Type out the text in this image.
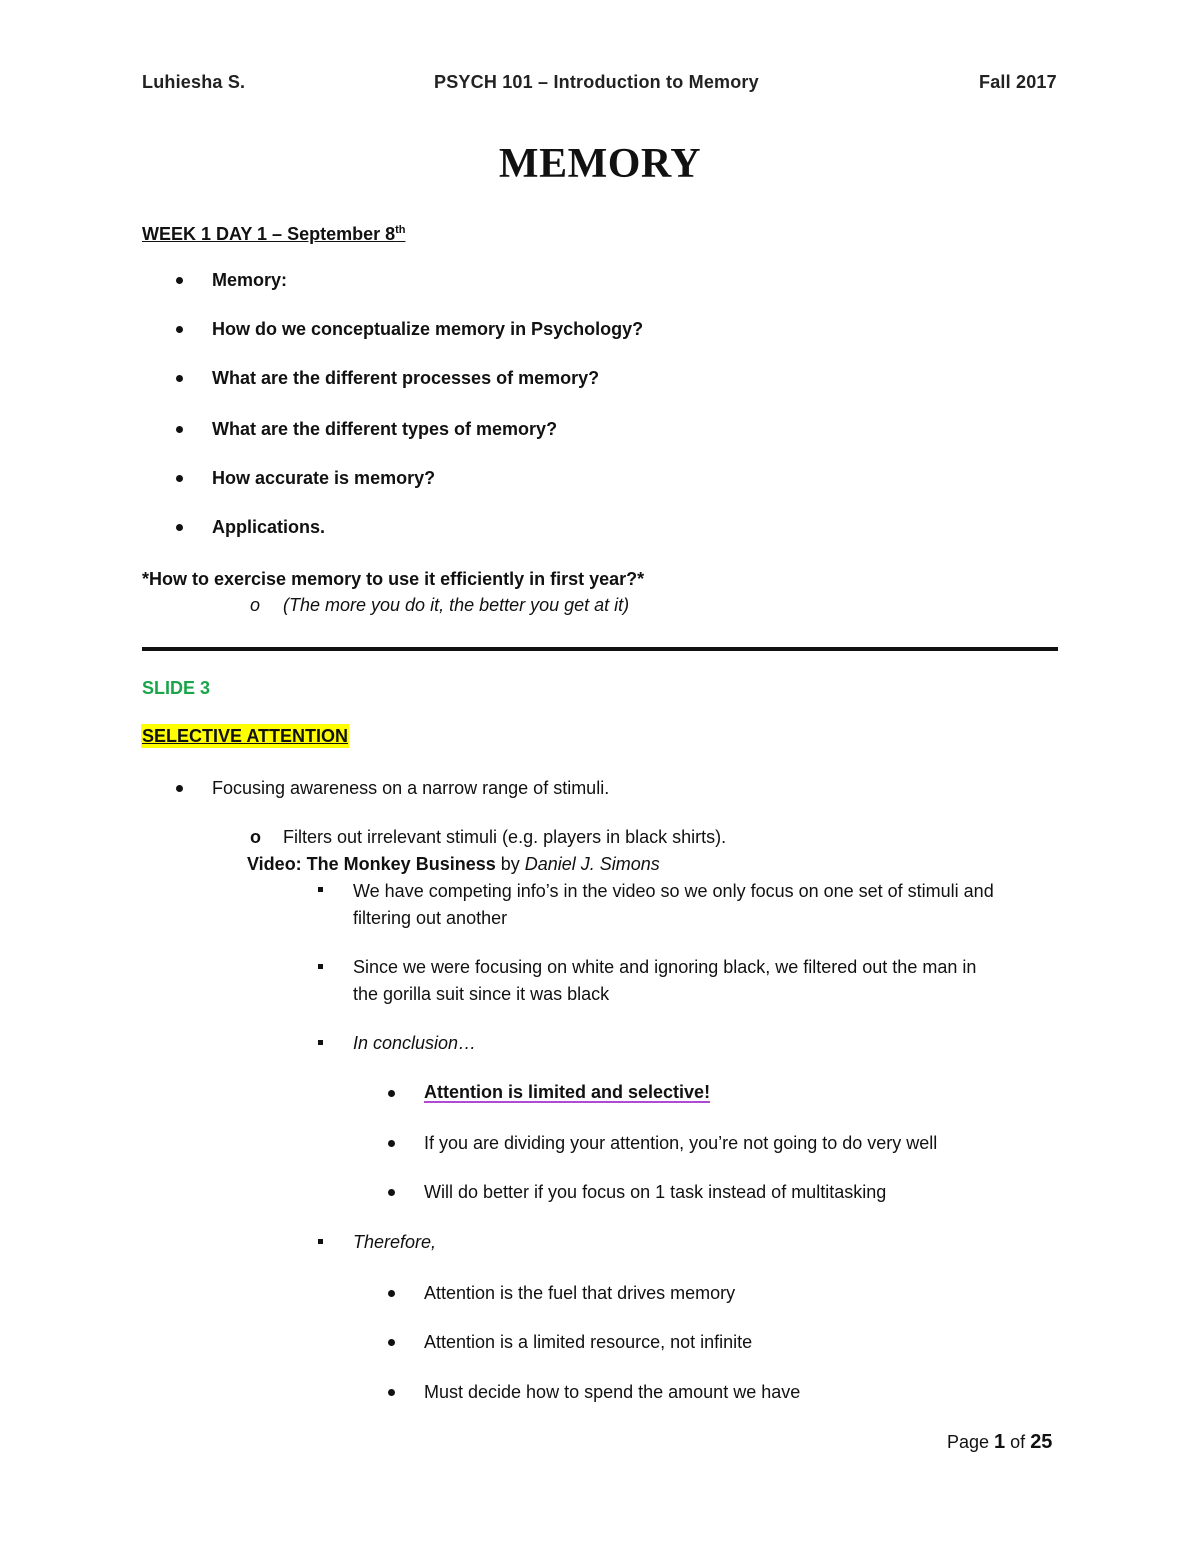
Luhiesha S.	PSYCH 101 – Introduction to Memory	Fall 2017
MEMORY
WEEK 1 DAY 1 – September 8th
Memory:
How do we conceptualize memory in Psychology?
What are the different processes of memory?
What are the different types of memory?
How accurate is memory?
Applications.
*How to exercise memory to use it efficiently in first year?*
o (The more you do it, the better you get at it)
SLIDE 3
SELECTIVE ATTENTION
Focusing awareness on a narrow range of stimuli.
o Filters out irrelevant stimuli (e.g. players in black shirts).
Video: The Monkey Business by Daniel J. Simons
We have competing info’s in the video so we only focus on one set of stimuli and
filtering out another
Since we were focusing on white and ignoring black, we filtered out the man in
the gorilla suit since it was black
In conclusion…
Attention is limited and selective!
If you are dividing your attention, you’re not going to do very well
Will do better if you focus on 1 task instead of multitasking
Therefore,
Attention is the fuel that drives memory
Attention is a limited resource, not infinite
Must decide how to spend the amount we have
Page 1 of 25
